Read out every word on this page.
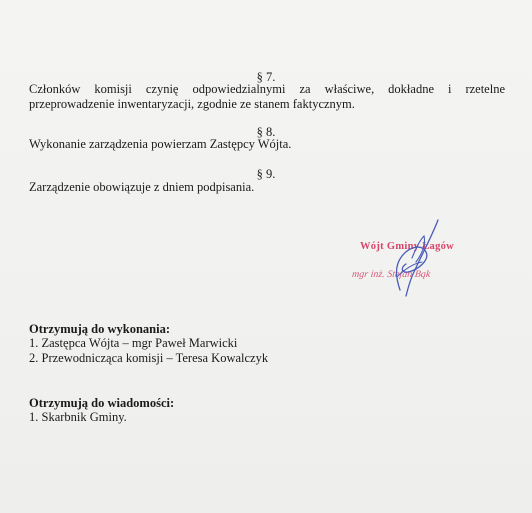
§ 7.
Członków komisji czynię odpowiedzialnymi za właściwe, dokładne i rzetelne
przeprowadzenie inwentaryzacji, zgodnie ze stanem faktycznym.
§ 8.
Wykonanie zarządzenia powierzam Zastępcy Wójta.
§ 9.
Zarządzenie obowiązuje z dniem podpisania.
Wójt Gminy Łagów
mgr inż. Stefan Bąk
Otrzymują do wykonania:
1. Zastępca Wójta – mgr Paweł Marwicki
2. Przewodnicząca komisji – Teresa Kowalczyk
Otrzymują do wiadomości:
1. Skarbnik Gminy.
